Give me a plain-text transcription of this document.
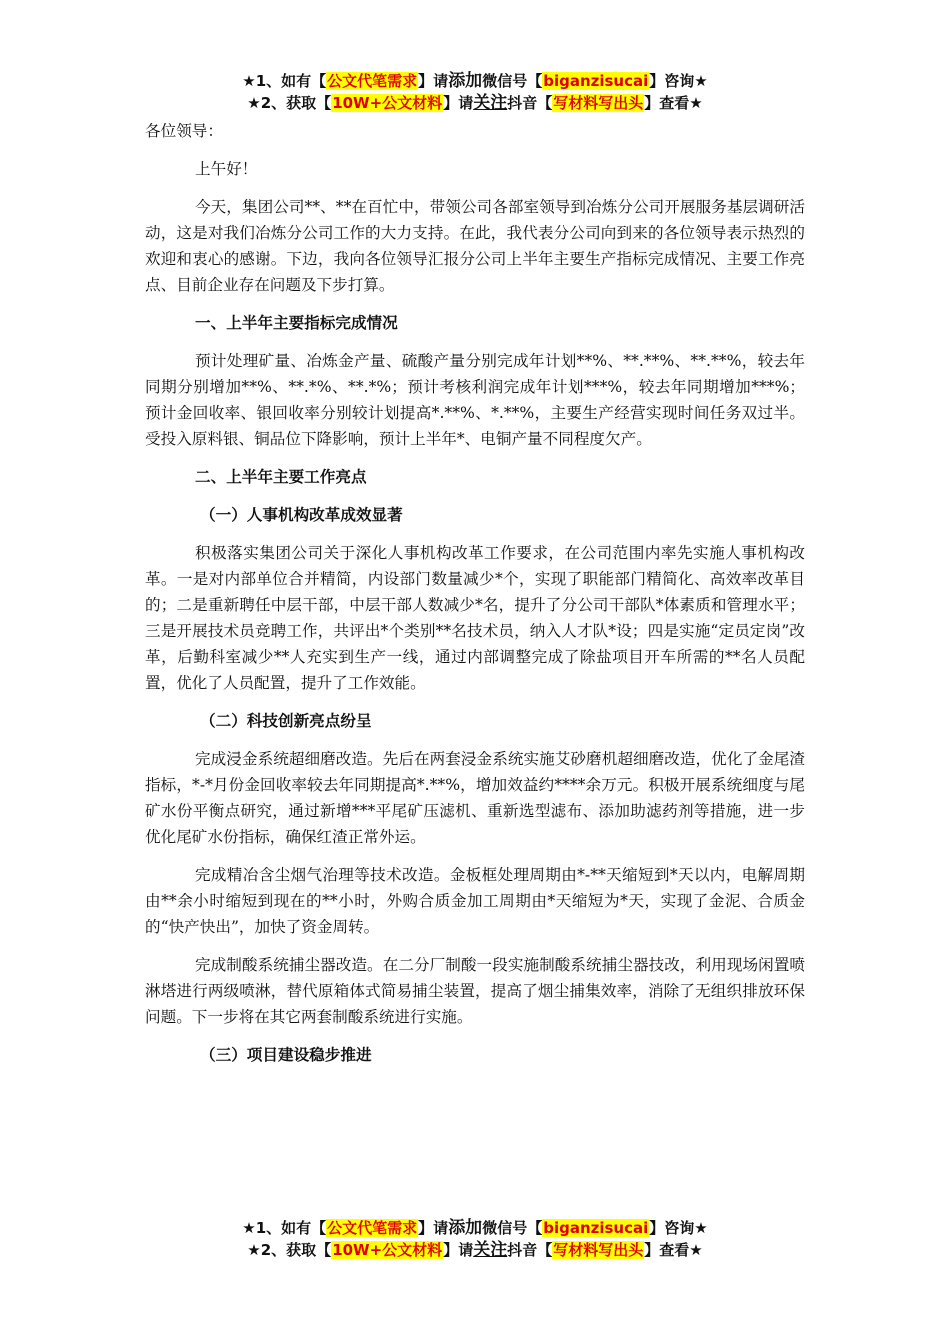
★1、如有【公文代笔需求】请添加微信号【biganzisucai】咨询★
★2、获取【10W+公文材料】请关注抖音【写材料写出头】查看★

各位领导：

上午好！

今天，集团公司**、**在百忙中，带领公司各部室领导到冶炼分公司开展服务基层调研活动，这是对我们冶炼分公司工作的大力支持。在此，我代表分公司向到来的各位领导表示热烈的欢迎和衷心的感谢。下边，我向各位领导汇报分公司上半年主要生产指标完成情况、主要工作亮点、目前企业存在问题及下步打算。

一、上半年主要指标完成情况

预计处理矿量、冶炼金产量、硫酸产量分别完成年计划**%、**.**%、**.**%，较去年同期分别增加**%、**.*%、**.*%；预计考核利润完成年计划***%，较去年同期增加***%；预计金回收率、银回收率分别较计划提高*.**%、*.**%，主要生产经营实现时间任务双过半。受投入原料银、铜品位下降影响，预计上半年*、电铜产量不同程度欠产。

二、上半年主要工作亮点

（一）人事机构改革成效显著

积极落实集团公司关于深化人事机构改革工作要求，在公司范围内率先实施人事机构改革。一是对内部单位合并精简，内设部门数量减少*个，实现了职能部门精简化、高效率改革目的；二是重新聘任中层干部，中层干部人数减少*名，提升了分公司干部队*体素质和管理水平；三是开展技术员竞聘工作，共评出*个类别**名技术员，纳入人才队*设；四是实施“定员定岗”改革，后勤科室减少**人充实到生产一线，通过内部调整完成了除盐项目开车所需的**名人员配置，优化了人员配置，提升了工作效能。

（二）科技创新亮点纷呈

完成浸金系统超细磨改造。先后在两套浸金系统实施艾砂磨机超细磨改造，优化了金尾渣指标，*-*月份金回收率较去年同期提高*.**%，增加效益约****余万元。积极开展系统细度与尾矿水份平衡点研究，通过新增***平尾矿压滤机、重新选型滤布、添加助滤药剂等措施，进一步优化尾矿水份指标，确保红渣正常外运。

完成精冶含尘烟气治理等技术改造。金板框处理周期由*-**天缩短到*天以内，电解周期由**余小时缩短到现在的**小时，外购合质金加工周期由*天缩短为*天，实现了金泥、合质金的“快产快出”，加快了资金周转。

完成制酸系统捕尘器改造。在二分厂制酸一段实施制酸系统捕尘器技改，利用现场闲置喷淋塔进行两级喷淋，替代原箱体式简易捕尘装置，提高了烟尘捕集效率，消除了无组织排放环保问题。下一步将在其它两套制酸系统进行实施。

（三）项目建设稳步推进

★1、如有【公文代笔需求】请添加微信号【biganzisucai】咨询★
★2、获取【10W+公文材料】请关注抖音【写材料写出头】查看★
